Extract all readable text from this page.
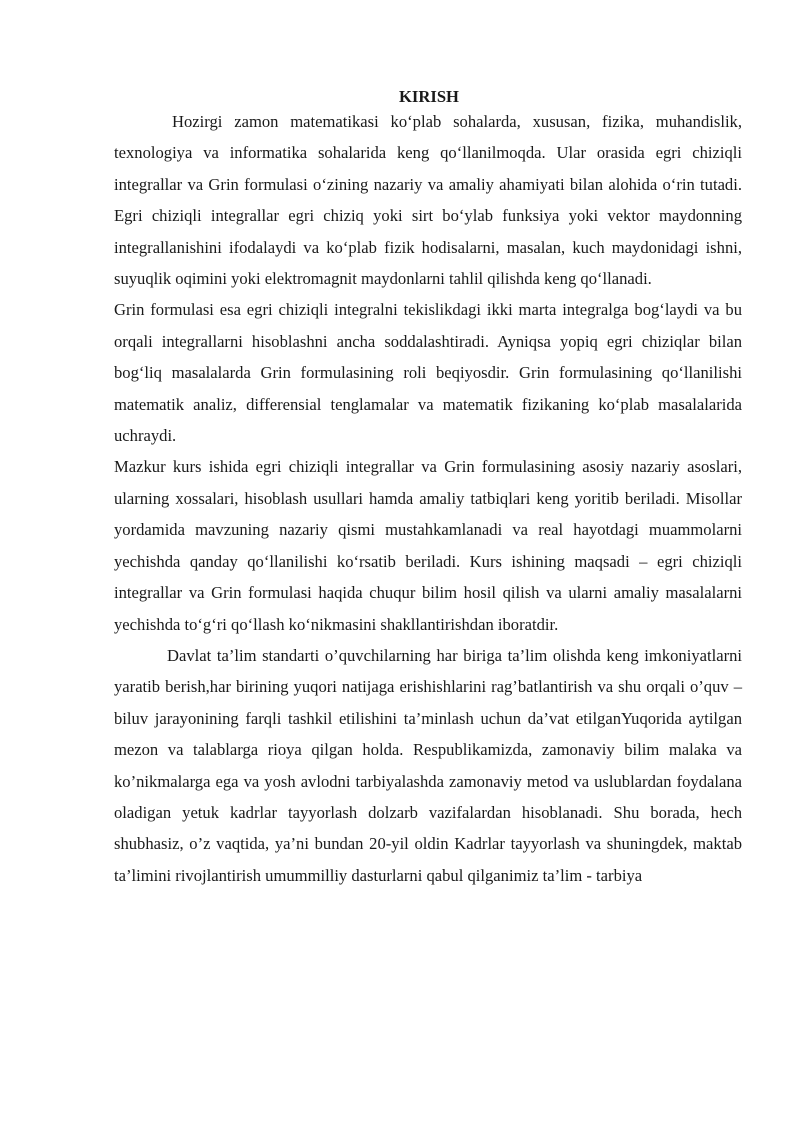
KIRISH

Hozirgi zamon matematikasi ko‘plab sohalarda, xususan, fizika, muhandislik, texnologiya va informatika sohalarida keng qo‘llanilmoqda. Ular orasida egri chiziqli integrallar va Grin formulasi o‘zining nazariy va amaliy ahamiyati bilan alohida o‘rin tutadi. Egri chiziqli integrallar egri chiziq yoki sirt bo‘ylab funksiya yoki vektor maydonning integrallanishini ifodalaydi va ko‘plab fizik hodisalarni, masalan, kuch maydonidagi ishni, suyuqlik oqimini yoki elektromagnit maydonlarni tahlil qilishda keng qo‘llanadi.

Grin formulasi esa egri chiziqli integralni tekislikdagi ikki marta integralga bog‘laydi va bu orqali integrallarni hisoblashni ancha soddalashtiradi. Ayniqsa yopiq egri chiziqlar bilan bog‘liq masalalarda Grin formulasining roli beqiyosdir. Grin formulasining qo‘llanilishi matematik analiz, differensial tenglamalar va matematik fizikaning ko‘plab masalalarida uchraydi.

Mazkur kurs ishida egri chiziqli integrallar va Grin formulasining asosiy nazariy asoslari, ularning xossalari, hisoblash usullari hamda amaliy tatbiqlari keng yoritib beriladi. Misollar yordamida mavzuning nazariy qismi mustahkamlanadi va real hayotdagi muammolarni yechishda qanday qo‘llanilishi ko‘rsatib beriladi. Kurs ishining maqsadi – egri chiziqli integrallar va Grin formulasi haqida chuqur bilim hosil qilish va ularni amaliy masalalarni yechishda to‘g‘ri qo‘llash ko‘nikmasini shakllantirishdan iboratdir.

Davlat ta’lim standarti o’quvchilarning har biriga ta’lim olishda keng imkoniyatlarni yaratib berish,har birining yuqori natijaga erishishlarini rag’batlantirish va shu orqali o’quv – biluv jarayonining farqli tashkil etilishini ta’minlash uchun da’vat etilganYuqorida aytilgan mezon va talablarga rioya qilgan holda. Respublikamizda, zamonaviy bilim malaka va ko’nikmalarga ega va yosh avlodni tarbiyalashda zamonaviy metod va uslublardan foydalana oladigan yetuk kadrlar tayyorlash dolzarb vazifalardan hisoblanadi. Shu borada, hech shubhasiz, o’z vaqtida, ya’ni bundan 20-yil oldin Kadrlar tayyorlash va shuningdek, maktab ta’limini rivojlantirish umummilliy dasturlarni qabul qilganimiz ta’lim - tarbiya
